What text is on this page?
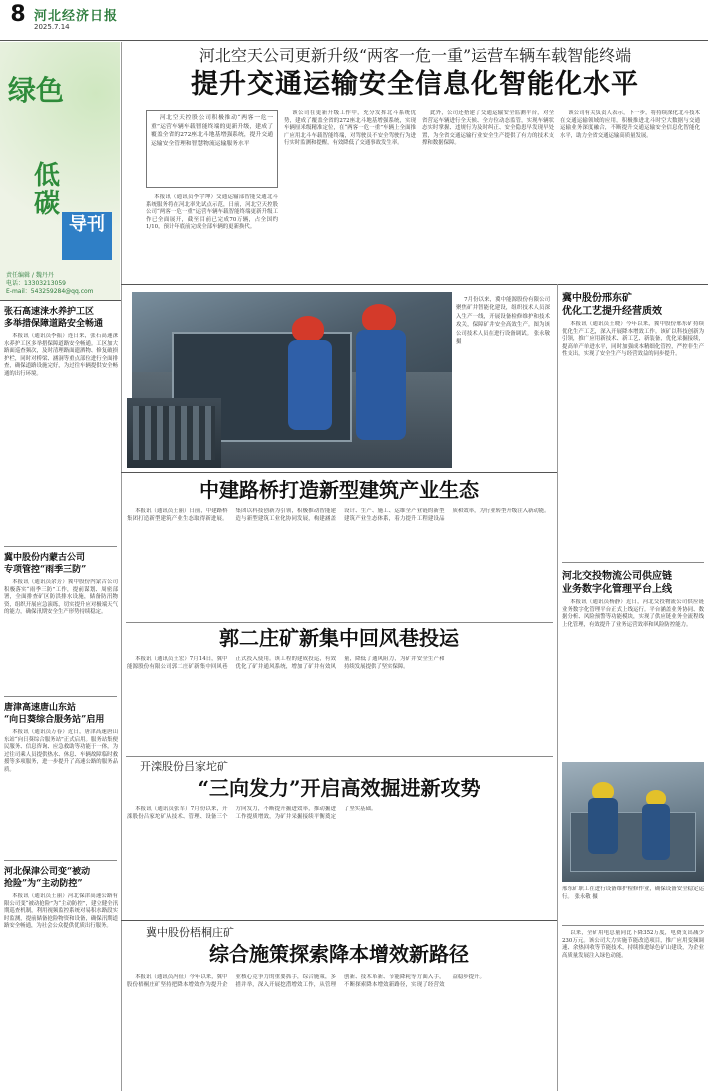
8 河北经济日报
2025.7.14
绿色
低碳
导刊
责任编辑 / 魏丹丹
电话：13303213059
E-mail：543259284@qq.com
河北空天公司更新升级“两客一危一重”运营车辆车载智能终端
提升交通运输安全信息化智能化水平
河北空天控股公司积极推动“两客一危一重”运营车辆车载智能终端的更新升级，建成了覆盖全省的272座北斗地基增强系统，提升交通运输安全管理和智慧物流运输服务水平
本报讯（通讯员李宇坤）交通运输部智能交通北斗系统服务将在河北率先试点示范，日前，河北空天控股公司“两客一危一重”运营车辆车载智能终端更新升级工作已全面展开，截至目前已完成70万辆，占全国约1/10，预计年底前完成全部车辆的更新换代。
该公司在更新升级工作中，充分发挥北斗系统优势，建成了覆盖全省的272座北斗地基增强系统，实现车辆厘米级精准定位，在“两客一危一重”车辆上全面推广应用北斗车载智能终端，对驾驶员不安全驾驶行为进行实时监测和提醒，有效降低了交通事故发生率。
此外，公司还搭建了交通运输安全监测平台，对全省营运车辆进行全天候、全方位动态监管，实现车辆状态实时掌握、违规行为及时纠正、安全隐患早发现早处置，为全省交通运输行业安全生产提供了有力的技术支撑和数据保障。
该公司有关负责人表示，下一步，将持续深化北斗技术在交通运输领域的应用，积极推进北斗时空大数据与交通运输业务深度融合，不断提升交通运输安全信息化智能化水平，助力全省交通运输高质量发展。
张石高速涞水养护工区
多举措保障道路安全畅通
本报讯（通讯员李振）连日来，张石高速涞水养护工区多举措保障道路安全畅通。工区加大路面巡查频次，及时清理路面遗洒物、修复破损护栏，同时对桥梁、涵洞等重点部位进行全面排查，确保道路设施完好，为过往车辆提供安全畅通的出行环境。
冀中股份内蒙古公司
专项管控“雨季三防”
本报讯（通讯员余芳）冀中股份内蒙古公司积极落实“雨季三防”工作，提前谋划、周密部署，全面排查矿区防洪排水设施，储备防汛物资，组织开展应急演练，切实提升应对极端天气的能力，确保汛期安全生产形势持续稳定。
唐津高速唐山东站
“向日葵综合服务站”启用
本报讯（通讯员万春）近日，唐津高速唐山东站“向日葵综合服务站”正式启用。服务站集便民服务、信息咨询、应急救助等功能于一体，为过往司乘人员提供热水、休息、车辆故障临时救援等多项服务，进一步提升了高速公路的服务品质。
河北保津公司变“被动
抢险”为“主动防控”
本报讯（通讯员王丽）河北保津高速公路有限公司变“被动抢险”为“主动防控”，建立健全汛期巡查机制，利用视频监控系统对易积水路段实时监测，提前储备抢险物资和设备，确保汛期道路安全畅通，为社会公众提供优质出行服务。
7月份以来，冀中能源股份有限公司聚焦矿井智能化建设，组织技术人员深入生产一线，开展设备检修维护和技术攻关，保障矿井安全高效生产。图为该公司技术人员在进行设备调试。 张永敬 摄
冀中股份邢东矿
优化工艺提升经营质效
本报讯（通讯员王晓）今年以来，冀中股份邢东矿持续优化生产工艺，深入开展降本增效工作。该矿以科技创新为引领，推广应用新技术、新工艺、新装备，优化采掘接续，提高单产单进水平，同时加强成本精细化管控，严控非生产性支出，实现了安全生产与经营效益的同步提升。
河北交投物流公司供应链
业务数字化管理平台上线
本报讯（通讯员杨静）近日，河北交投物流公司供应链业务数字化管理平台正式上线运行。平台涵盖业务协同、数据分析、风险预警等功能模块，实现了供应链业务全流程线上化管理，有效提升了业务运营效率和风险防控能力。
邢东矿职工在进行设备维护检修作业，确保设备安全稳定运行。 张永敬 摄
以来，全矿用电总量同比下降352万度，电费支出减少230万元。该公司大力实施节能改造项目，推广应用变频调速、余热回收等节能技术，持续推进绿色矿山建设，为企业高质量发展注入绿色动能。
中建路桥打造新型建筑产业生态
本报讯（通讯员王丽）日前，中建路桥集团打造新型建筑产业生态取得新进展。集团以科技创新为引领，积极推动智能建造与新型建筑工业化协同发展，构建涵盖设计、生产、施工、运维全产业链的新型建筑产业生态体系，着力提升工程建设品质和效率，为行业转型升级注入新动能。
郭二庄矿新集中回风巷投运
本报讯（通讯员王宏）7月14日，冀中能源股份有限公司郭二庄矿新集中回风巷正式投入使用。该工程的建成投运，有效优化了矿井通风系统，增加了矿井有效风量，降低了通风阻力，为矿井安全生产和持续发展提供了坚实保障。
开滦股份吕家坨矿
“三向发力”开启高效掘进新攻势
本报讯（通讯员张军）7月份以来，开滦股份吕家坨矿从技术、管理、设备三个方向发力，不断提升掘进效率，推动掘进工作提质增效，为矿井采掘接续平衡奠定了坚实基础。
冀中股份梧桐庄矿
综合施策探索降本增效新路径
本报讯（通讯员冯征）今年以来，冀中股份梧桐庄矿坚持把降本增效作为提升企业核心竞争力的重要抓手，综合施策，多措并举，深入开展挖潜增效工作，从管理创新、技术革新、节能降耗等方面入手，不断探索降本增效新路径，实现了经营效益稳步提升。
